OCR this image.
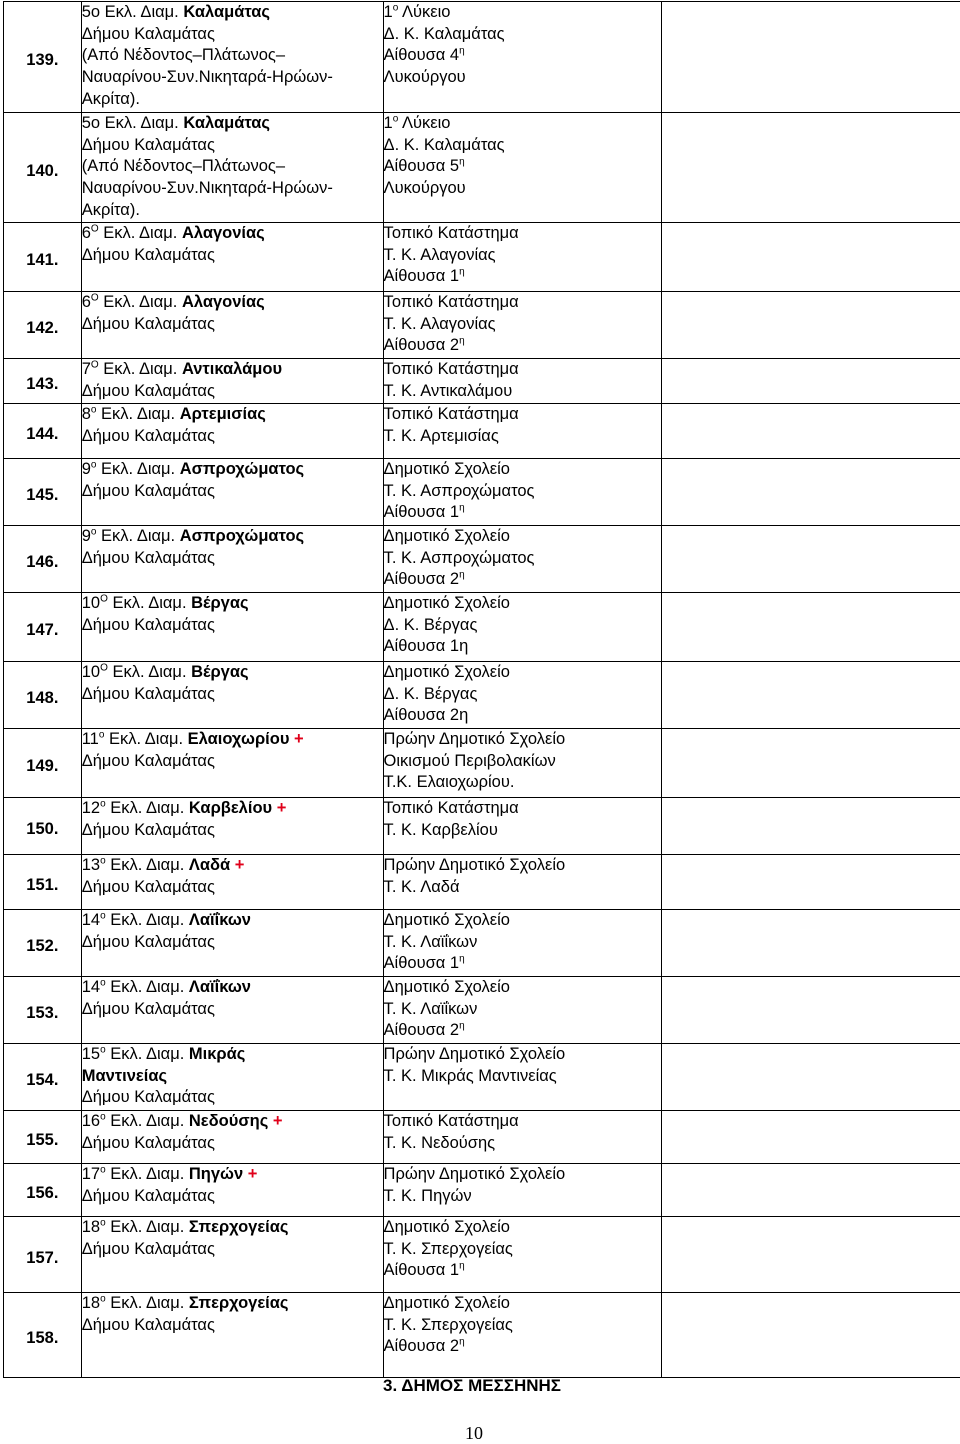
139.	5ο Εκλ. Διαμ. Καλαμάτας
Δήμου Καλαμάτας
(Από Νέδοντος–Πλάτωνος–
Ναυαρίνου-Συν.Νικηταρά-Ηρώων-
Ακρίτα).	$1^o$ Λύκειο
Δ. Κ. Καλαμάτας
Αίθουσα $4^\eta$
Λυκούργου	

140.	5ο Εκλ. Διαμ. Καλαμάτας
Δήμου Καλαμάτας
(Από Νέδοντος–Πλάτωνος–
Ναυαρίνου-Συν.Νικηταρά-Ηρώων-
Ακρίτα).	$1^o$ Λύκειο
Δ. Κ. Καλαμάτας
Αίθουσα $5^\eta$
Λυκούργου	

141.	$6^O$ Εκλ. Διαμ. Αλαγονίας
Δήμου Καλαμάτας	Τοπικό Κατάστημα
Τ. Κ. Αλαγονίας
Αίθουσα $1^\eta$

142.	$6^O$ Εκλ. Διαμ. Αλαγονίας
Δήμου Καλαμάτας	Τοπικό Κατάστημα
Τ. Κ. Αλαγονίας
Αίθουσα $2^\eta$

143.	$7^O$ Εκλ. Διαμ. Αντικαλάμου
Δήμου Καλαμάτας	Τοπικό Κατάστημα
Τ. Κ. Αντικαλάμου	

144.	$8^o$ Εκλ. Διαμ. Αρτεμισίας
Δήμου Καλαμάτας	Τοπικό Κατάστημα
Τ. Κ. Αρτεμισίας	

145.	$9^o$ Εκλ. Διαμ. Ασπροχώματος
Δήμου Καλαμάτας	Δημοτικό Σχολείο
Τ. Κ. Ασπροχώματος
Αίθουσα $1^\eta$

146.	$9^o$ Εκλ. Διαμ. Ασπροχώματος
Δήμου Καλαμάτας	Δημοτικό Σχολείο
Τ. Κ. Ασπροχώματος
Αίθουσα $2^\eta$

147.	$10^O$ Εκλ. Διαμ. Βέργας
Δήμου Καλαμάτας	Δημοτικό Σχολείο
Δ. Κ. Βέργας
Αίθουσα 1η	

148.	$10^O$ Εκλ. Διαμ. Βέργας
Δήμου Καλαμάτας	Δημοτικό Σχολείο
Δ. Κ. Βέργας
Αίθουσα 2η	

149.	$11^o$ Εκλ. Διαμ. Ελαιοχωρίου +
Δήμου Καλαμάτας	Πρώην Δημοτικό Σχολείο
Οικισμού Περιβολακίων
Τ.Κ. Ελαιοχωρίου.	

150.	$12^o$ Εκλ. Διαμ. Καρβελίου +
Δήμου Καλαμάτας	Τοπικό Κατάστημα
Τ. Κ. Καρβελίου	

151.	$13^o$ Εκλ. Διαμ. Λαδά +
Δήμου Καλαμάτας	Πρώην Δημοτικό Σχολείο
Τ. Κ. Λαδά	

152.	$14^o$ Εκλ. Διαμ. Λαϊΐκων
Δήμου Καλαμάτας	Δημοτικό Σχολείο
Τ. Κ. Λαϊΐκων
Αίθουσα $1^\eta$

153.	$14^o$ Εκλ. Διαμ. Λαϊΐκων
Δήμου Καλαμάτας	Δημοτικό Σχολείο
Τ. Κ. Λαϊΐκων
Αίθουσα $2^\eta$

154.	$15^o$ Εκλ. Διαμ. Μικράς
Μαντινείας
Δήμου Καλαμάτας	Πρώην Δημοτικό Σχολείο
Τ. Κ. Μικράς Μαντινείας	

155.	$16^o$ Εκλ. Διαμ. Νεδούσης +
Δήμου Καλαμάτας	Τοπικό Κατάστημα
Τ. Κ. Νεδούσης	

156.	$17^o$ Εκλ. Διαμ. Πηγών +
Δήμου Καλαμάτας	Πρώην Δημοτικό Σχολείο
Τ. Κ. Πηγών	

157.	$18^o$ Εκλ. Διαμ. Σπερχογείας
Δήμου Καλαμάτας	Δημοτικό Σχολείο
Τ. Κ. Σπερχογείας
Αίθουσα $1^\eta$

158.	$18^o$ Εκλ. Διαμ. Σπερχογείας
Δήμου Καλαμάτας	Δημοτικό Σχολείο
Τ. Κ. Σπερχογείας
Αίθουσα $2^\eta$

3. ΔΗΜΟΣ ΜΕΣΣΗΝΗΣ
10
